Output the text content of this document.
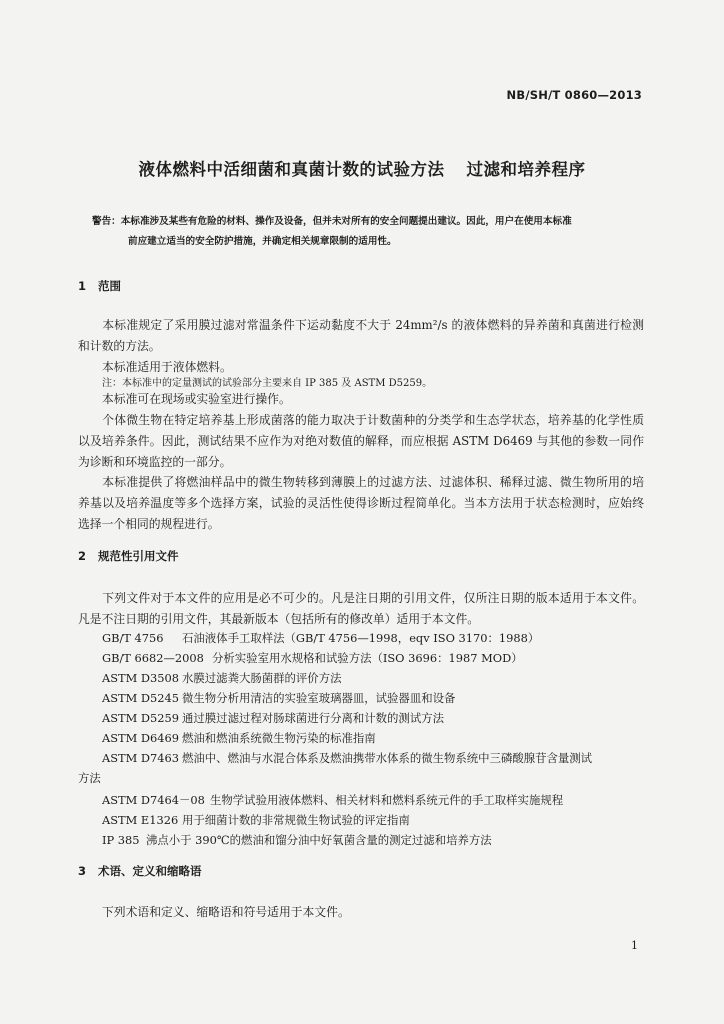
NB/SH/T 0860—2013
液体燃料中活细菌和真菌计数的试验方法 过滤和培养程序
警告：本标准涉及某些有危险的材料、操作及设备，但并未对所有的安全问题提出建议。因此，用户在使用本标准
前应建立适当的安全防护措施，并确定相关规章限制的适用性。
1 范围
本标准规定了采用膜过滤对常温条件下运动黏度不大于 24mm²/s 的液体燃料的异养菌和真菌进行检测和计数的方法。
本标准适用于液体燃料。
注：本标准中的定量测试的试验部分主要来自 IP 385 及 ASTM D5259。
本标准可在现场或实验室进行操作。
个体微生物在特定培养基上形成菌落的能力取决于计数菌种的分类学和生态学状态，培养基的化学性质以及培养条件。因此，测试结果不应作为对绝对数值的解释，而应根据 ASTM D6469 与其他的参数一同作为诊断和环境监控的一部分。
本标准提供了将燃油样品中的微生物转移到薄膜上的过滤方法、过滤体积、稀释过滤、微生物所用的培养基以及培养温度等多个选择方案，试验的灵活性使得诊断过程简单化。当本方法用于状态检测时，应始终选择一个相同的规程进行。
2 规范性引用文件
下列文件对于本文件的应用是必不可少的。凡是注日期的引用文件，仅所注日期的版本适用于本文件。凡是不注日期的引用文件，其最新版本（包括所有的修改单）适用于本文件。
GB/T 4756 石油液体手工取样法（GB/T 4756—1998，eqv ISO 3170：1988）
GB/T 6682—2008 分析实验室用水规格和试验方法（ISO 3696：1987 MOD）
ASTM D3508 水膜过滤粪大肠菌群的评价方法
ASTM D5245 微生物分析用清洁的实验室玻璃器皿，试验器皿和设备
ASTM D5259 通过膜过滤过程对肠球菌进行分离和计数的测试方法
ASTM D6469 燃油和燃油系统微生物污染的标准指南
ASTM D7463 燃油中、燃油与水混合体系及燃油携带水体系的微生物系统中三磷酸腺苷含量测试
方法
ASTM D7464－08 生物学试验用液体燃料、相关材料和燃料系统元件的手工取样实施规程
ASTM E1326 用于细菌计数的非常规微生物试验的评定指南
IP 385 沸点小于 390℃的燃油和馏分油中好氧菌含量的测定过滤和培养方法
3 术语、定义和缩略语
下列术语和定义、缩略语和符号适用于本文件。
1
